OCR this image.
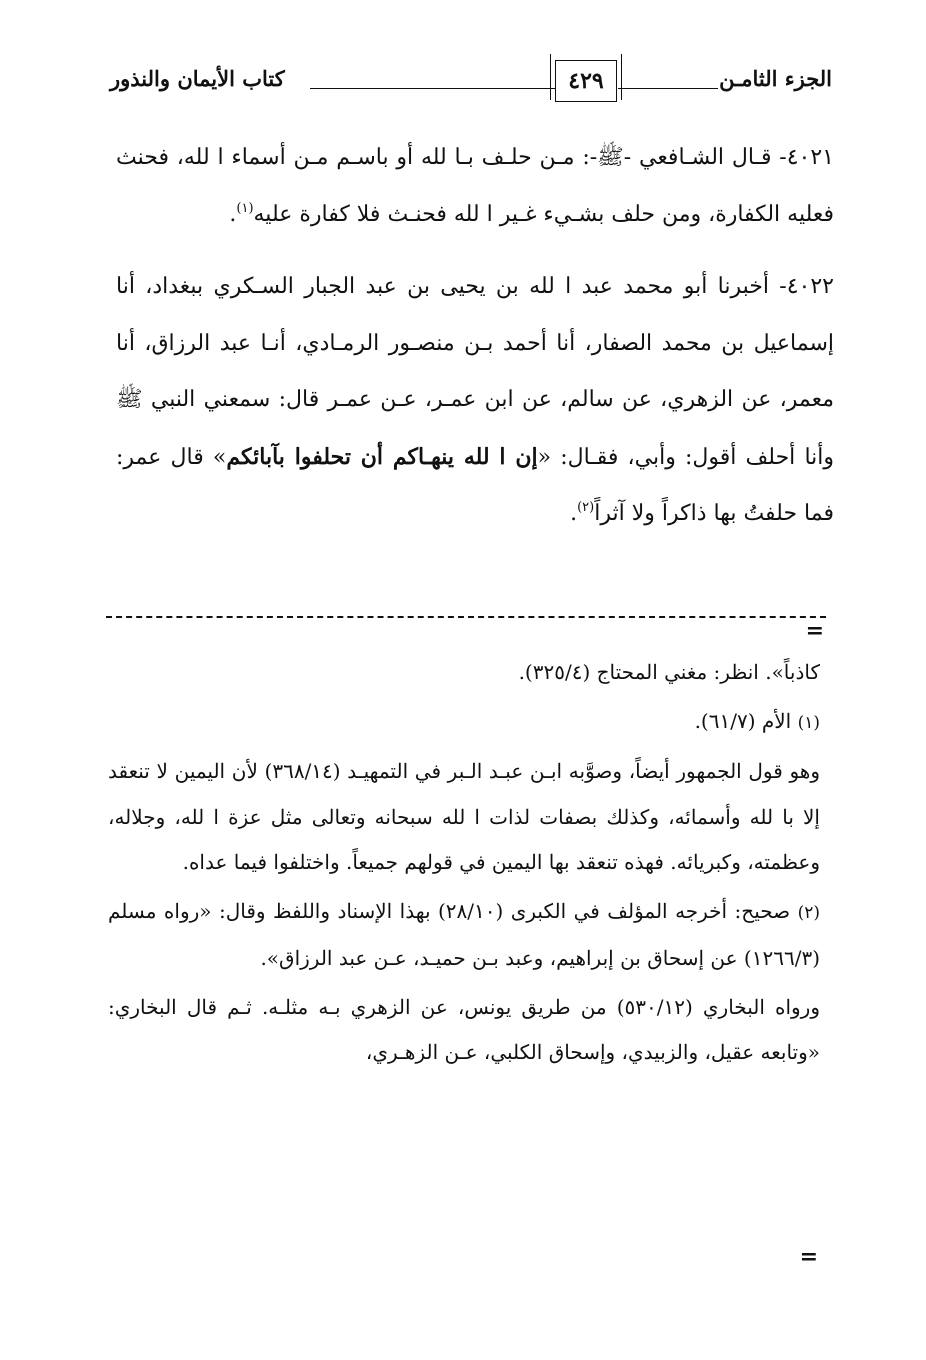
كتاب الأيمان والنذور	٤٢٩	الجزء الثامـن

٤٠٢١- قـال الشـافعي -ﷺ-: مـن حلـف بـا لله أو باسـم مـن أسماء ا لله، فحنث فعليه الكفارة، ومن حلف بشـيء غـير ا لله فحنـث فلا كفارة عليه$^{(١)}$.

٤٠٢٢- أخبرنا أبو محمد عبد ا لله بن يحيى بن عبد الجبار السـكري ببغداد، أنا إسماعيل بن محمد الصفار، أنا أحمد بـن منصـور الرمـادي، أنـا عبد الرزاق، أنا معمر، عن الزهري، عن سالم، عن ابن عمـر، عـن عمـر قال: سمعني النبي ﷺ وأنا أحلف أقول: وأبي، فقـال: «إن ا لله ينهـاكم أن تحلفوا بآبائكم» قال عمر: فما حلفتُ بها ذاكراً ولا آثراً$^{(٢)}$.

=

كاذباً». انظر: مغني المحتاج (٣٢٥/٤).

(١) الأم (٦١/٧).

وهو قول الجمهور أيضاً، وصوَّبه ابـن عبـد الـبر في التمهيـد (٣٦٨/١٤) لأن اليمين لا تنعقد إلا با لله وأسمائه، وكذلك بصفات لذات ا لله سبحانه وتعالى مثل عزة ا لله، وجلاله، وعظمته، وكبريائه. فهذه تنعقد بها اليمين في قولهم جميعاً. واختلفوا فيما عداه.

(٢) صحيح: أخرجه المؤلف في الكبرى (٢٨/١٠) بهذا الإسناد واللفظ وقال: «رواه مسلم (١٢٦٦/٣) عن إسحاق بن إبراهيم، وعبد بـن حميـد، عـن عبد الرزاق».

ورواه البخاري (٥٣٠/١٢) من طريق يونس، عن الزهري بـه مثلـه. ثـم قال البخاري: «وتابعه عقيل، والزبيدي، وإسحاق الكلبي، عـن الزهـري،

=
